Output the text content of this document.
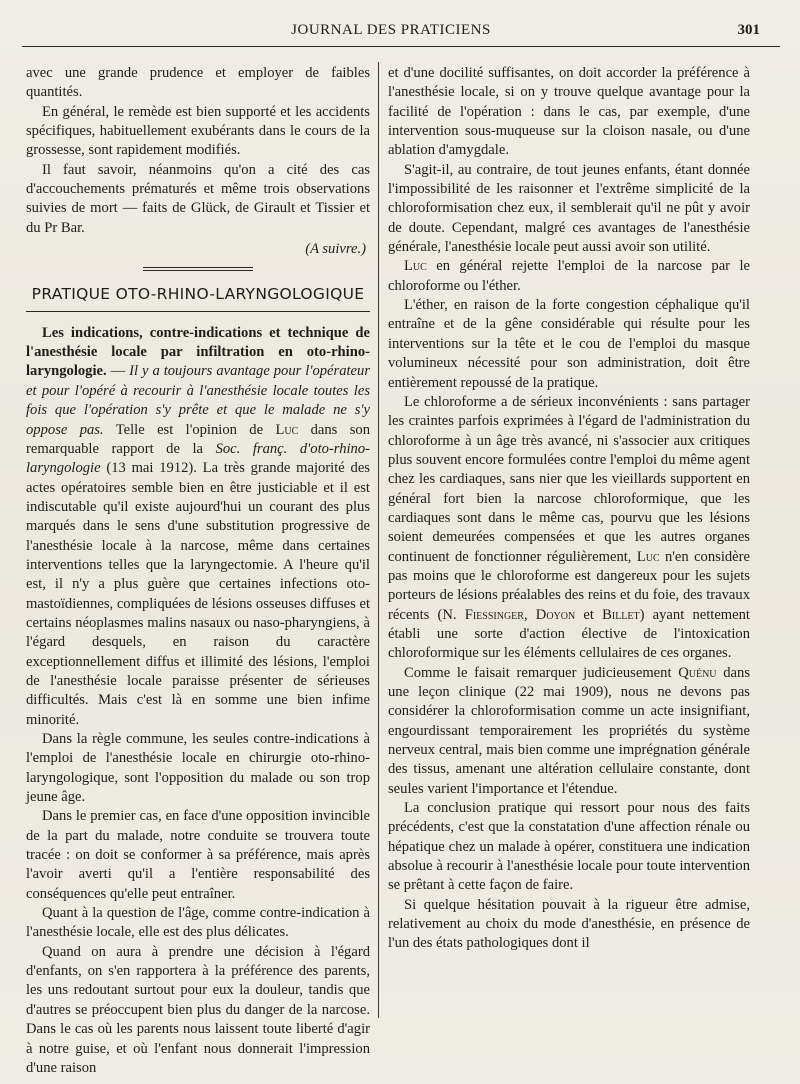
JOURNAL DES PRATICIENS	301

avec une grande prudence et employer de faibles quantités.

En général, le remède est bien supporté et les accidents spécifiques, habituellement exubérants dans le cours de la grossesse, sont rapidement modifiés.

Il faut savoir, néanmoins qu'on a cité des cas d'accouchements prématurés et même trois observations suivies de mort — faits de Glück, de Girault et Tissier et du Pr Bar.

(A suivre.)
PRATIQUE OTO-RHINO-LARYNGOLOGIQUE

Les indications, contre-indications et technique de l'anesthésie locale par infiltration en oto-rhino-laryngologie. — Il y a toujours avantage pour l'opérateur et pour l'opéré à recourir à l'anesthésie locale toutes les fois que l'opération s'y prête et que le malade ne s'y oppose pas. Telle est l'opinion de Luc dans son remarquable rapport de la Soc. franç. d'oto-rhino-laryngologie (13 mai 1912). La très grande majorité des actes opératoires semble bien en être justiciable et il est indiscutable qu'il existe aujourd'hui un courant des plus marqués dans le sens d'une substitution progressive de l'anesthésie locale à la narcose, même dans certaines interventions telles que la laryngectomie. A l'heure qu'il est, il n'y a plus guère que certaines infections oto-mastoïdiennes, compliquées de lésions osseuses diffuses et certains néoplasmes malins nasaux ou naso-pharyngiens, à l'égard desquels, en raison du caractère exceptionnellement diffus et illimité des lésions, l'emploi de l'anesthésie locale paraisse présenter de sérieuses difficultés. Mais c'est là en somme une bien infime minorité.

Dans la règle commune, les seules contre-indications à l'emploi de l'anesthésie locale en chirurgie oto-rhino-laryngologique, sont l'opposition du malade ou son trop jeune âge.

Dans le premier cas, en face d'une opposition invincible de la part du malade, notre conduite se trouvera toute tracée : on doit se conformer à sa préférence, mais après l'avoir averti qu'il a l'entière responsabilité des conséquences qu'elle peut entraîner.

Quant à la question de l'âge, comme contre-indication à l'anesthésie locale, elle est des plus délicates.

Quand on aura à prendre une décision à l'égard d'enfants, on s'en rapportera à la préférence des parents, les uns redoutant surtout pour eux la douleur, tandis que d'autres se préoccupent bien plus du danger de la narcose. Dans le cas où les parents nous laissent toute liberté d'agir à notre guise, et où l'enfant nous donnerait l'impression d'une raison

et d'une docilité suffisantes, on doit accorder la préférence à l'anesthésie locale, si on y trouve quelque avantage pour la facilité de l'opération : dans le cas, par exemple, d'une intervention sous-muqueuse sur la cloison nasale, ou d'une ablation d'amygdale.

S'agit-il, au contraire, de tout jeunes enfants, étant donnée l'impossibilité de les raisonner et l'extrême simplicité de la chloroformisation chez eux, il semblerait qu'il ne pût y avoir de doute. Cependant, malgré ces avantages de l'anesthésie générale, l'anesthésie locale peut aussi avoir son utilité.

Luc en général rejette l'emploi de la narcose par le chloroforme ou l'éther.

L'éther, en raison de la forte congestion céphalique qu'il entraîne et de la gêne considérable qui résulte pour les interventions sur la tête et le cou de l'emploi du masque volumineux nécessité pour son administration, doit être entièrement repoussé de la pratique.

Le chloroforme a de sérieux inconvénients : sans partager les craintes parfois exprimées à l'égard de l'administration du chloroforme à un âge très avancé, ni s'associer aux critiques plus souvent encore formulées contre l'emploi du même agent chez les cardiaques, sans nier que les vieillards supportent en général fort bien la narcose chloroformique, que les cardiaques sont dans le même cas, pourvu que les lésions soient demeurées compensées et que les autres organes continuent de fonctionner régulièrement, Luc n'en considère pas moins que le chloroforme est dangereux pour les sujets porteurs de lésions préalables des reins et du foie, des travaux récents (N. Fiessinger, Doyon et Billet) ayant nettement établi une sorte d'action élective de l'intoxication chloroformique sur les éléments cellulaires de ces organes.

Comme le faisait remarquer judicieusement Quénu dans une leçon clinique (22 mai 1909), nous ne devons pas considérer la chloroformisation comme un acte insignifiant, engourdissant temporairement les propriétés du système nerveux central, mais bien comme une imprégnation générale des tissus, amenant une altération cellulaire constante, dont seules varient l'importance et l'étendue.

La conclusion pratique qui ressort pour nous des faits précédents, c'est que la constatation d'une affection rénale ou hépatique chez un malade à opérer, constituera une indication absolue à recourir à l'anesthésie locale pour toute intervention se prêtant à cette façon de faire.

Si quelque hésitation pouvait à la rigueur être admise, relativement au choix du mode d'anesthésie, en présence de l'un des états pathologiques dont il
